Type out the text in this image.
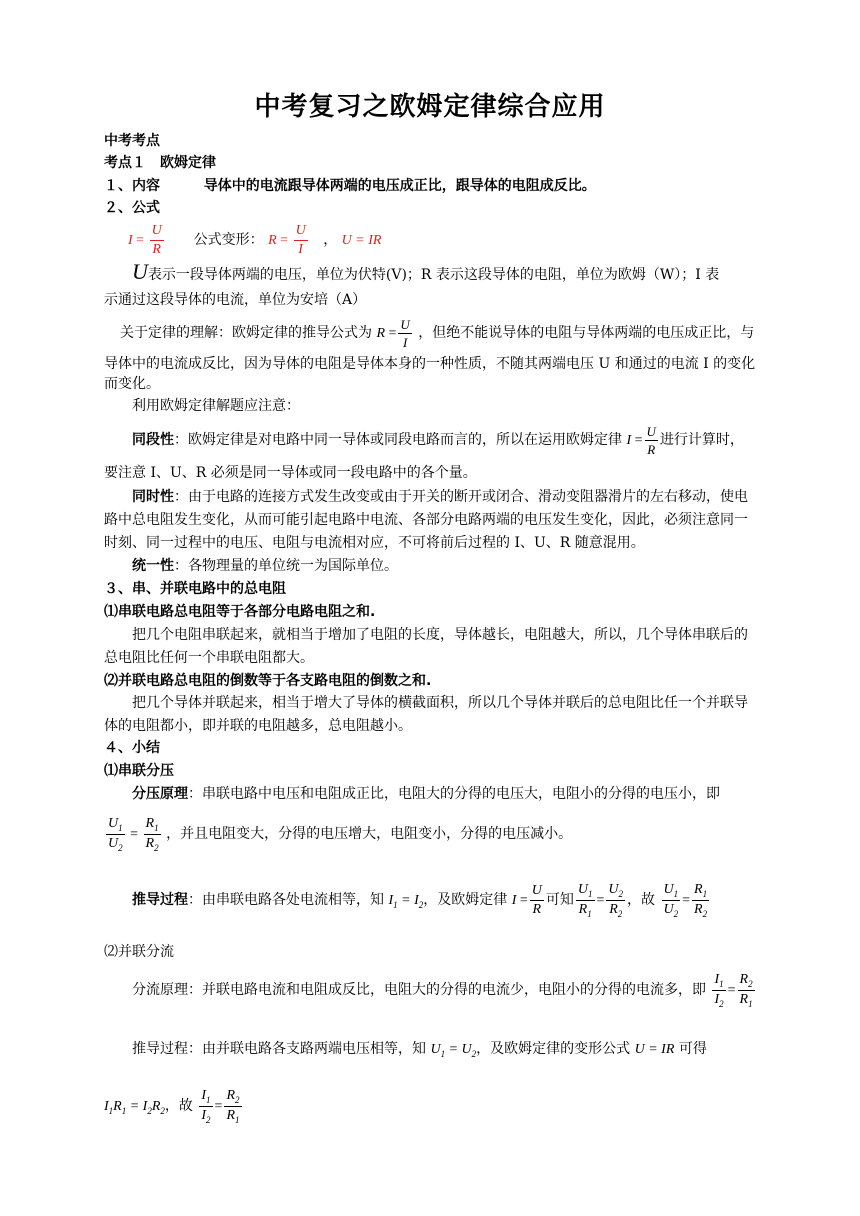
中考复习之欧姆定律综合应用
中考考点
考点１　欧姆定律
１、内容	导体中的电流跟导体两端的电压成正比，跟导体的电阻成反比。
２、公式
$I = \frac{U}{R}$ 公式变形： $R = \frac{U}{I}$ ， U = IR
U表示一段导体两端的电压，单位为伏特(V)；R 表示这段导体的电阻，单位为欧姆（W）；I 表
示通过这段导体的电流，单位为安培（A）
关于定律的理解：欧姆定律的推导公式为 $R = \frac{U}{I}$ ，但绝不能说导体的电阻与导体两端的电压成正比，与
导体中的电流成反比，因为导体的电阻是导体本身的一种性质，不随其两端电压 U 和通过的电流 I 的变化
而变化。
利用欧姆定律解题应注意：
同段性：欧姆定律是对电路中同一导体或同段电路而言的，所以在运用欧姆定律 $I = \frac{U}{R}$ 进行计算时，
要注意 I、U、R 必须是同一导体或同一段电路中的各个量。
同时性：由于电路的连接方式发生改变或由于开关的断开或闭合、滑动变阻器滑片的左右移动，使电
路中总电阻发生变化，从而可能引起电路中电流、各部分电路两端的电压发生变化，因此，必须注意同一
时刻、同一过程中的电压、电阻与电流相对应，不可将前后过程的 I、U、R 随意混用。
统一性：各物理量的单位统一为国际单位。
３、串、并联电路中的总电阻
⑴串联电路总电阻等于各部分电路电阻之和.
把几个电阻串联起来，就相当于增加了电阻的长度，导体越长，电阻越大，所以，几个导体串联后的
总电阻比任何一个串联电阻都大。
⑵并联电路总电阻的倒数等于各支路电阻的倒数之和.
把几个导体并联起来，相当于增大了导体的横截面积，所以几个导体并联后的总电阻比任一个并联导
体的电阻都小，即并联的电阻越多，总电阻越小。
４、小结
⑴串联分压
分压原理：串联电路中电压和电阻成正比，电阻大的分得的电压大，电阻小的分得的电压小，即
$\frac{U_1}{U_2} = \frac{R_1}{R_2}$ ，并且电阻变大，分得的电压增大，电阻变小，分得的电压减小。
推导过程：由串联电路各处电流相等，知 $I_1 = I_2$，及欧姆定律 $I = \frac{U}{R}$ 可知 $\frac{U_1}{R_1} = \frac{U_2}{R_2}$ ，故 $\frac{U_1}{U_2} = \frac{R_1}{R_2}$
⑵并联分流
分流原理：并联电路电流和电阻成反比，电阻大的分得的电流少，电阻小的分得的电流多，即 $\frac{I_1}{I_2} = \frac{R_2}{R_1}$
推导过程：由并联电路各支路两端电压相等，知 $U_1 = U_2$，及欧姆定律的变形公式 U = IR 可得
$I_1R_1 = I_2R_2$，故 $\frac{I_1}{I_2} = \frac{R_2}{R_1}$
